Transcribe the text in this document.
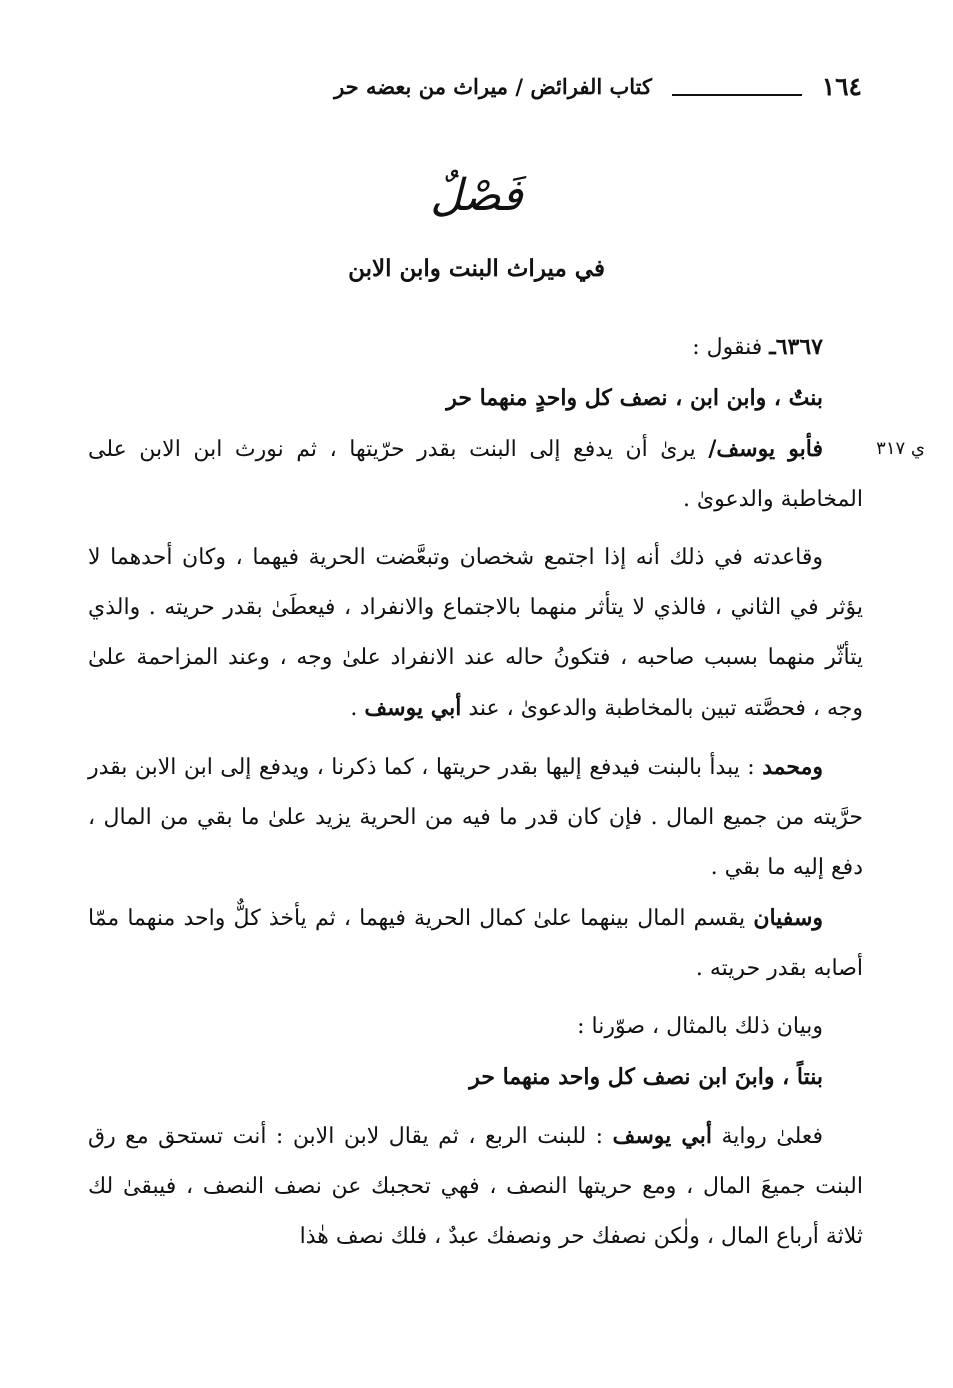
١٦٤
كتاب الفرائض / ميراث من بعضه حر
فَصْلٌ
في ميراث البنت وابن الابن
ي ٣١٧

٦٣٦٧ـ فنقول :

بنتٌ ، وابن ابن ، نصف كل واحدٍ منهما حر

فأبو يوسف/ يرىٰ أن يدفع إلى البنت بقدر حرّيتها ، ثم نورث ابن الابن على المخاطبة والدعوىٰ .

وقاعدته في ذلك أنه إذا اجتمع شخصان وتبعَّضت الحرية فيهما ، وكان أحدهما لا يؤثر في الثاني ، فالذي لا يتأثر منهما بالاجتماع والانفراد ، فيعطَىٰ بقدر حريته . والذي يتأثّر منهما بسبب صاحبه ، فتكونُ حاله عند الانفراد علىٰ وجه ، وعند المزاحمة علىٰ وجه ، فحصَّته تبين بالمخاطبة والدعوىٰ ، عند أبي يوسف .

ومحمد : يبدأ بالبنت فيدفع إليها بقدر حريتها ، كما ذكرنا ، ويدفع إلى ابن الابن بقدر حرَّيته من جميع المال . فإن كان قدر ما فيه من الحرية يزيد علىٰ ما بقي من المال ، دفع إليه ما بقي .

وسفيان يقسم المال بينهما علىٰ كمال الحرية فيهما ، ثم يأخذ كلٌّ واحد منهما ممّا أصابه بقدر حريته .

وبيان ذلك بالمثال ، صوّرنا :

بنتاً ، وابنَ ابن نصف كل واحد منهما حر

فعلىٰ رواية أبي يوسف : للبنت الربع ، ثم يقال لابن الابن : أنت تستحق مع رق البنت جميعَ المال ، ومع حريتها النصف ، فهي تحجبك عن نصف النصف ، فيبقىٰ لك ثلاثة أرباع المال ، ولٰكن نصفك حر ونصفك عبدٌ ، فلك نصف هٰذا
